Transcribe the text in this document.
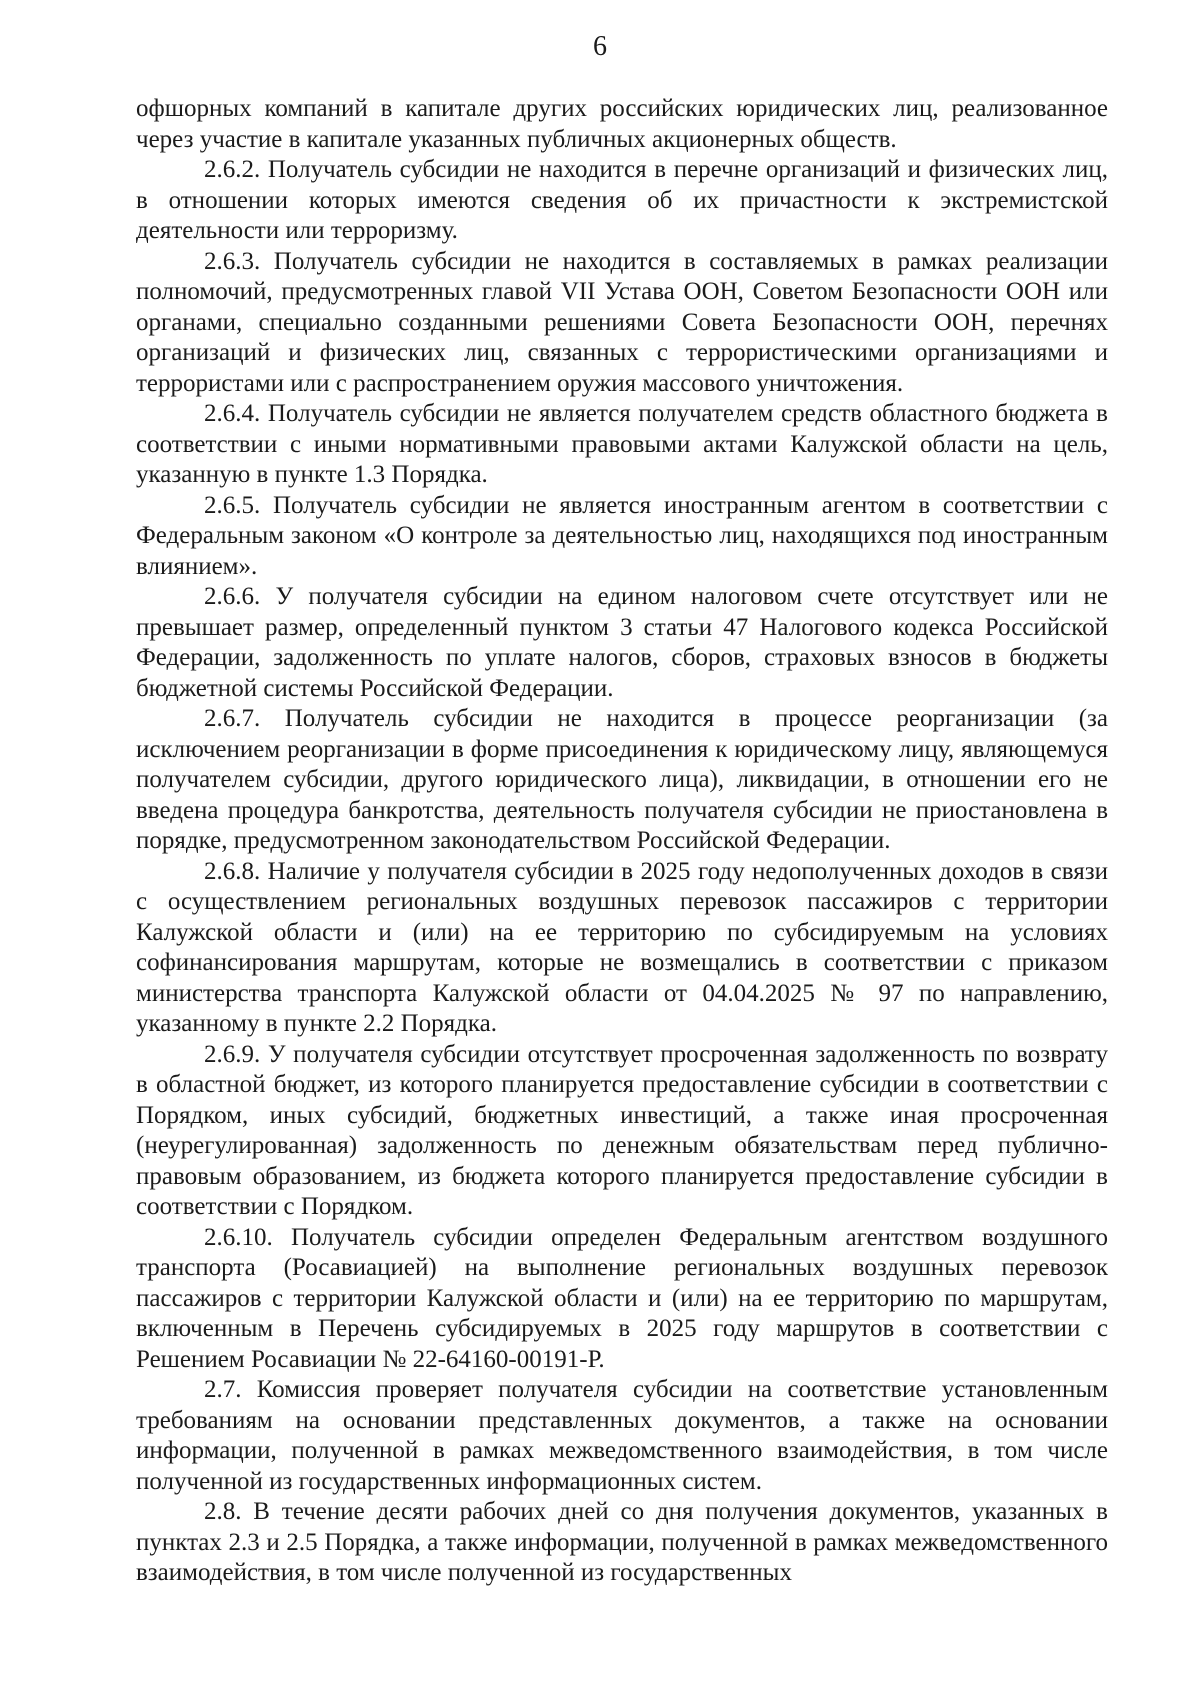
6

офшорных компаний в капитале других российских юридических лиц, реализованное через участие в капитале указанных публичных акционерных обществ.

2.6.2. Получатель субсидии не находится в перечне организаций и физических лиц, в отношении которых имеются сведения об их причастности к экстремистской деятельности или терроризму.

2.6.3. Получатель субсидии не находится в составляемых в рамках реализации полномочий, предусмотренных главой VII Устава ООН, Советом Безопасности ООН или органами, специально созданными решениями Совета Безопасности ООН, перечнях организаций и физических лиц, связанных с террористическими организациями и террористами или с распространением оружия массового уничтожения.

2.6.4. Получатель субсидии не является получателем средств областного бюджета в соответствии с иными нормативными правовыми актами Калужской области на цель, указанную в пункте 1.3 Порядка.

2.6.5. Получатель субсидии не является иностранным агентом в соответствии с Федеральным законом «О контроле за деятельностью лиц, находящихся под иностранным влиянием».

2.6.6. У получателя субсидии на едином налоговом счете отсутствует или не превышает размер, определенный пунктом 3 статьи 47 Налогового кодекса Российской Федерации, задолженность по уплате налогов, сборов, страховых взносов в бюджеты бюджетной системы Российской Федерации.

2.6.7. Получатель субсидии не находится в процессе реорганизации (за исключением реорганизации в форме присоединения к юридическому лицу, являющемуся получателем субсидии, другого юридического лица), ликвидации, в отношении его не введена процедура банкротства, деятельность получателя субсидии не приостановлена в порядке, предусмотренном законодательством Российской Федерации.

2.6.8. Наличие у получателя субсидии в 2025 году недополученных доходов в связи с осуществлением региональных воздушных перевозок пассажиров с территории Калужской области и (или) на ее территорию по субсидируемым на условиях софинансирования маршрутам, которые не возмещались в соответствии с приказом министерства транспорта Калужской области от 04.04.2025 № 97 по направлению, указанному в пункте 2.2 Порядка.

2.6.9. У получателя субсидии отсутствует просроченная задолженность по возврату в областной бюджет, из которого планируется предоставление субсидии в соответствии с Порядком, иных субсидий, бюджетных инвестиций, а также иная просроченная (неурегулированная) задолженность по денежным обязательствам перед публично-правовым образованием, из бюджета которого планируется предоставление субсидии в соответствии с Порядком.

2.6.10. Получатель субсидии определен Федеральным агентством воздушного транспорта (Росавиацией) на выполнение региональных воздушных перевозок пассажиров с территории Калужской области и (или) на ее территорию по маршрутам, включенным в Перечень субсидируемых в 2025 году маршрутов в соответствии с Решением Росавиации № 22-64160-00191-Р.

2.7. Комиссия проверяет получателя субсидии на соответствие установленным требованиям на основании представленных документов, а также на основании информации, полученной в рамках межведомственного взаимодействия, в том числе полученной из государственных информационных систем.

2.8. В течение десяти рабочих дней со дня получения документов, указанных в пунктах 2.3 и 2.5 Порядка, а также информации, полученной в рамках межведомственного взаимодействия, в том числе полученной из государственных
